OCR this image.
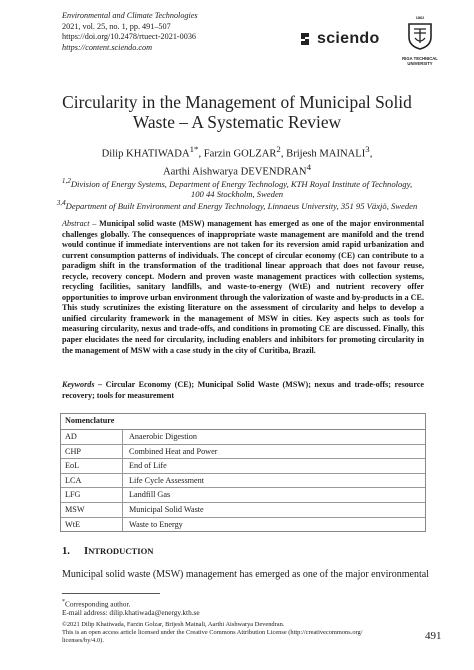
Environmental and Climate Technologies
2021, vol. 25, no. 1, pp. 491–507
https://doi.org/10.2478/rtuect-2021-0036
https://content.sciendo.com	sciendo
1862
RIGA TECHNICAL
UNIVERSITY
Circularity in the Management of Municipal Solid
Waste – A Systematic Review
Dilip $KHATIWADA^{1*}$, Farzin GOLZAR$^2$, Brijesh MAINALI$^3$,
Aarthi Aishwarya DEVENDRAN$^4$
$^{1,2}$Division of Energy Systems, Department of Energy Technology, KTH Royal Institute of Technology,
100 44 Stockholm, Sweden
$^{3,4}$Department of Built Environment and Energy Technology, Linnaeus University, 351 95 Växjö, Sweden
Abstract – Municipal solid waste (MSW) management has emerged as one of the major environmental challenges globally. The consequences of inappropriate waste management are manifold and the trend would continue if immediate interventions are not taken for its reversion amid rapid urbanization and current consumption patterns of individuals. The concept of circular economy (CE) can contribute to a paradigm shift in the transformation of the traditional linear approach that does not favour reuse, recycle, recovery concept. Modern and proven waste management practices with collection systems, recycling facilities, sanitary landfills, and waste-to-energy (WtE) and nutrient recovery offer opportunities to improve urban environment through the valorization of waste and by-products in a CE. This study scrutinizes the existing literature on the assessment of circularity and helps to develop a unified circularity framework in the management of MSW in cities. Key aspects such as tools for measuring circularity, nexus and trade-offs, and conditions in promoting CE are discussed. Finally, this paper elucidates the need for circularity, including enablers and inhibitors for promoting circularity in the management of MSW with a case study in the city of Curitiba, Brazil.
Keywords – Circular Economy (CE); Municipal Solid Waste (MSW); nexus and trade-offs; resource recovery; tools for measurement
Nomenclature
AD	Anaerobic Digestion
CHP	Combined Heat and Power
EoL	End of Life
LCA	Life Cycle Assessment
LFG	Landfill Gas
MSW	Municipal Solid Waste
WtE	Waste to Energy
1. INTRODUCTION
Municipal solid waste (MSW) management has emerged as one of the major environmental
*Corresponding author.
E-mail address: dilip.khatiwada@energy.kth.se
©2021 Dilip Khatiwada, Farzin Golzar, Brijesh Mainali, Aarthi Aishwarya Devendran.
This is an open access article licensed under the Creative Commons Attribution License (http://creativecommons.org/
licenses/by/4.0).	491
